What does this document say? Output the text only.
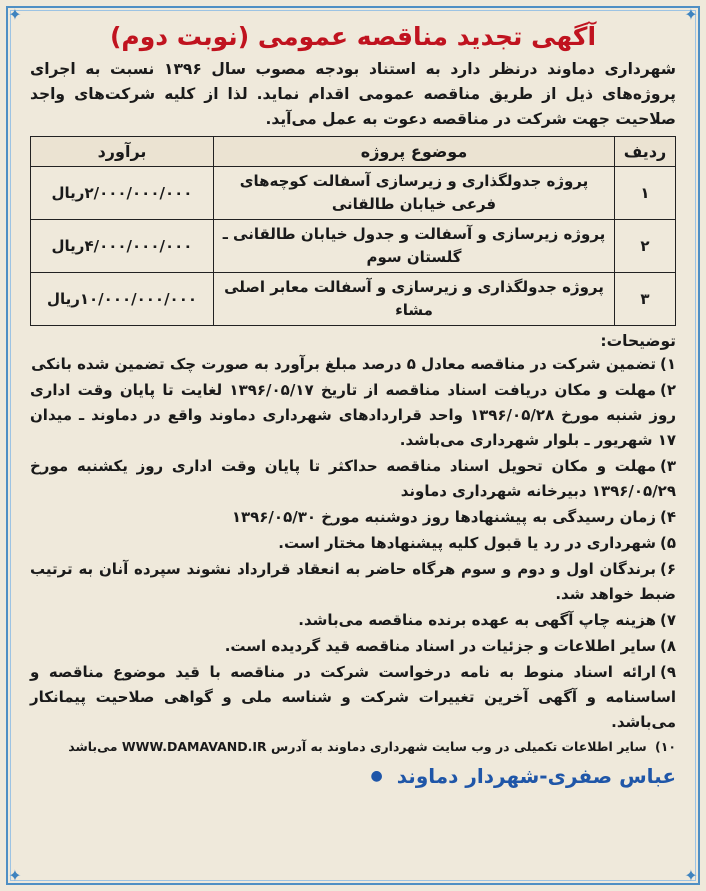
✦	✦
✦	✦
آگهی تجدید مناقصه عمومی (نوبت دوم)

شهرداری دماوند درنظر دارد به استناد بودجه مصوب سال ۱۳۹۶ نسبت به اجرای پروژه‌های ذیل از طریق مناقصه عمومی اقدام نماید. لذا از کلیه شرکت‌های واجد صلاحیت جهت شرکت در مناقصه دعوت به عمل می‌آید.

ردیف	موضوع پروژه	برآورد
۱	پروژه جدولگذاری و زیرسازی آسفالت کوچه‌های فرعی خیابان طالقانی	۲/۰۰۰/۰۰۰/۰۰۰ریال
۲	پروژه زیرسازی و آسفالت و جدول خیابان طالقانی ـ گلستان سوم	۴/۰۰۰/۰۰۰/۰۰۰ریال
۳	پروژه جدولگذاری و زیرسازی و آسفالت معابر اصلی مشاء	۱۰/۰۰۰/۰۰۰/۰۰۰ریال
توضیحات:
۱)تضمین شرکت در مناقصه معادل ۵ درصد مبلغ برآورد به صورت چک تضمین شده بانکی
۲)مهلت و مکان دریافت اسناد مناقصه از تاریخ ۱۳۹۶/۰۵/۱۷ لغایت تا پایان وقت اداری روز شنبه مورخ ۱۳۹۶/۰۵/۲۸ واحد قراردادهای شهرداری دماوند واقع در دماوند ـ میدان ۱۷ شهریور ـ بلوار شهرداری می‌باشد.
۳)مهلت و مکان تحویل اسناد مناقصه حداکثر تا پایان وقت اداری روز یکشنبه مورخ ۱۳۹۶/۰۵/۲۹ دبیرخانه شهرداری دماوند
۴)زمان رسیدگی به پیشنهادها روز دوشنبه مورخ ۱۳۹۶/۰۵/۳۰
۵)شهرداری در رد یا قبول کلیه پیشنهادها مختار است.
۶)برندگان اول و دوم و سوم هرگاه حاضر به انعقاد قرارداد نشوند سپرده آنان به ترتیب ضبط خواهد شد.
۷)هزینه چاپ آگهی به عهده برنده مناقصه می‌باشد.
۸)سایر اطلاعات و جزئیات در اسناد مناقصه قید گردیده است.
۹)ارائه اسناد منوط به نامه درخواست شرکت در مناقصه با قید موضوع مناقصه و اساسنامه و آگهی آخرین تغییرات شرکت و شناسه ملی و گواهی صلاحیت پیمانکار می‌باشد.
۱۰) سایر اطلاعات تکمیلی در وب سایت شهرداری دماوند به آدرس WWW.DAMAVAND.IR می‌باشد
عباس صفری-شهردار دماوند
●
